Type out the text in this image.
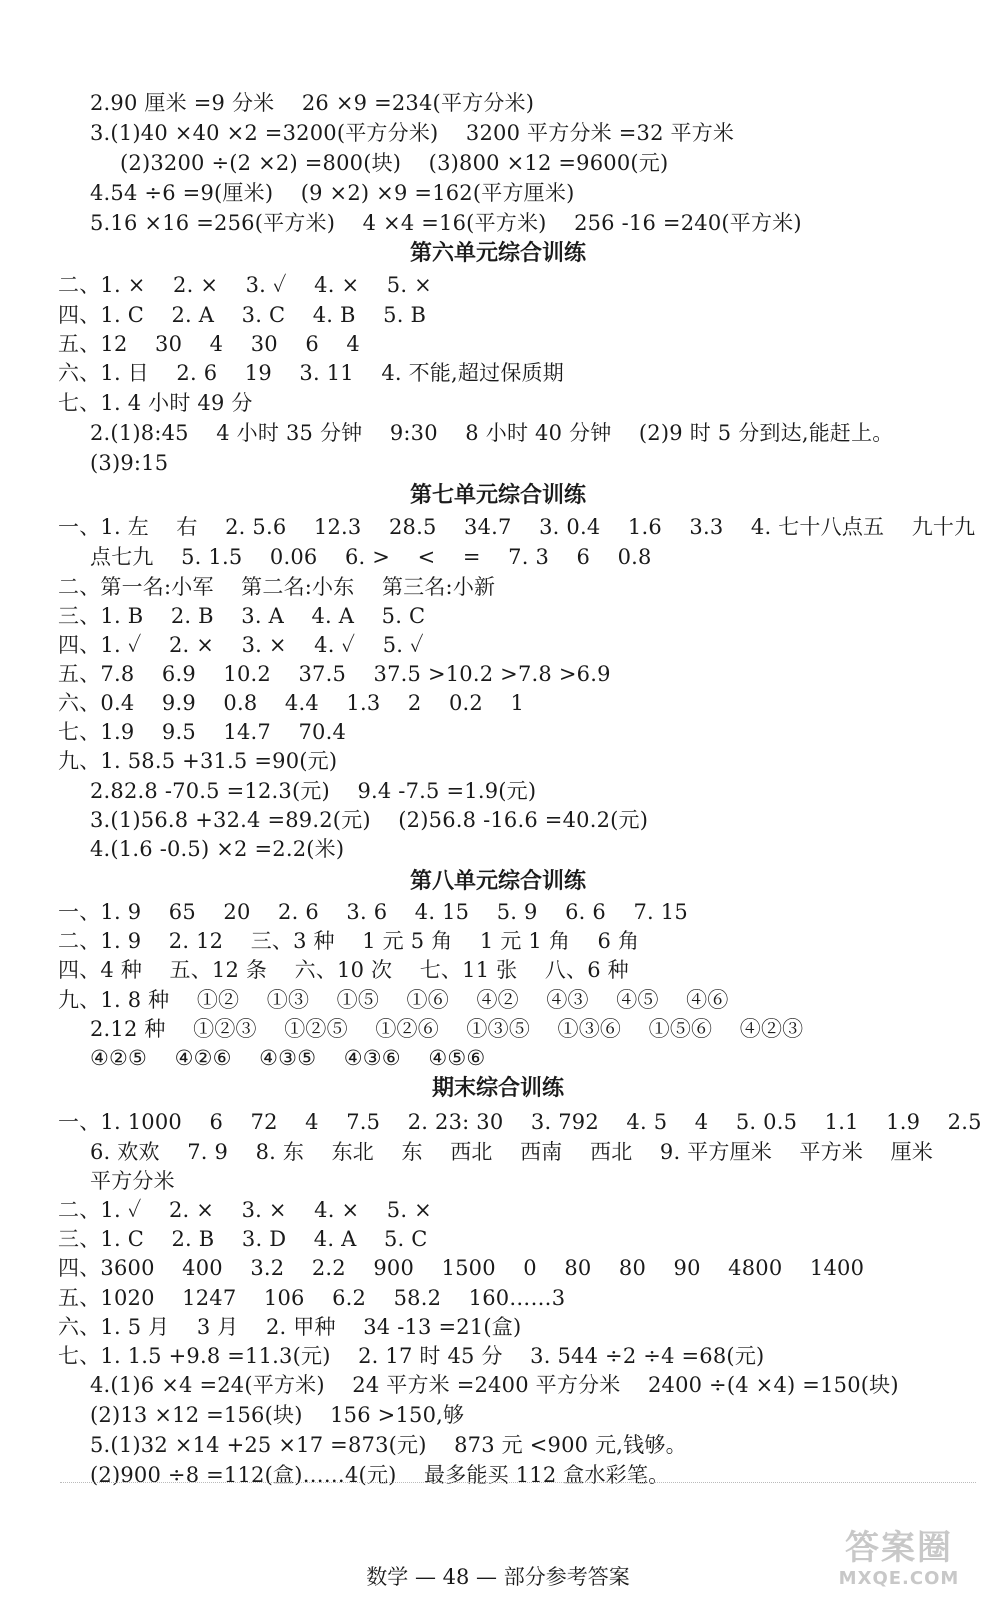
2.90 厘米 =9 分米    26 ×9 =234(平方分米)
3.(1)40 ×40 ×2 =3200(平方分米)    3200 平方分米 =32 平方米
(2)3200 ÷(2 ×2) =800(块)    (3)800 ×12 =9600(元)
4.54 ÷6 =9(厘米)    (9 ×2) ×9 =162(平方厘米)
5.16 ×16 =256(平方米)    4 ×4 =16(平方米)    256 -16 =240(平方米)
第六单元综合训练
二、1. ×    2. ×    3. ✓    4. ×    5. ×
四、1. C    2. A    3. C    4. B    5. B
五、12    30    4    30    6    4
六、1. 日    2. 6    19    3. 11    4. 不能,超过保质期
七、1. 4 小时 49 分
2.(1)8:45    4 小时 35 分钟    9:30    8 小时 40 分钟    (2)9 时 5 分到达,能赶上。
(3)9:15
第七单元综合训练
一、1. 左    右    2. 5.6    12.3    28.5    34.7    3. 0.4    1.6    3.3    4. 七十八点五    九十九
点七九    5. 1.5    0.06    6. >    <    =    7. 3    6    0.8
二、第一名:小军    第二名:小东    第三名:小新
三、1. B    2. B    3. A    4. A    5. C
四、1. ✓    2. ×    3. ×    4. ✓    5. ✓
五、7.8    6.9    10.2    37.5    37.5 >10.2 >7.8 >6.9
六、0.4    9.9    0.8    4.4    1.3    2    0.2    1
七、1.9    9.5    14.7    70.4
九、1. 58.5 +31.5 =90(元)
2.82.8 -70.5 =12.3(元)    9.4 -7.5 =1.9(元)
3.(1)56.8 +32.4 =89.2(元)    (2)56.8 -16.6 =40.2(元)
4.(1.6 -0.5) ×2 =2.2(米)
第八单元综合训练
一、1. 9    65    20    2. 6    3. 6    4. 15    5. 9    6. 6    7. 15
二、1. 9    2. 12    三、3 种    1 元 5 角    1 元 1 角    6 角
四、4 种    五、12 条    六、10 次    七、11 张    八、6 种
九、1. 8 种    ①②    ①③    ①⑤    ①⑥    ④②    ④③    ④⑤    ④⑥
2.12 种    ①②③    ①②⑤    ①②⑥    ①③⑤    ①③⑥    ①⑤⑥    ④②③
④②⑤    ④②⑥    ④③⑤    ④③⑥    ④⑤⑥
期末综合训练
一、1. 1000    6    72    4    7.5    2. 23: 30    3. 792    4. 5    4    5. 0.5    1.1    1.9    2.5
6. 欢欢    7. 9    8. 东    东北    东    西北    西南    西北    9. 平方厘米    平方米    厘米
平方分米
二、1. ✓    2. ×    3. ×    4. ×    5. ×
三、1. C    2. B    3. D    4. A    5. C
四、3600    400    3.2    2.2    900    1500    0    80    80    90    4800    1400
五、1020    1247    106    6.2    58.2    160……3
六、1. 5 月    3 月    2. 甲种    34 -13 =21(盒)
七、1. 1.5 +9.8 =11.3(元)    2. 17 时 45 分    3. 544 ÷2 ÷4 =68(元)
4.(1)6 ×4 =24(平方米)    24 平方米 =2400 平方分米    2400 ÷(4 ×4) =150(块)
(2)13 ×12 =156(块)    156 >150,够
5.(1)32 ×14 +25 ×17 =873(元)    873 元 <900 元,钱够。
(2)900 ÷8 =112(盒)……4(元)    最多能买 112 盒水彩笔。
数学 — 48 — 部分参考答案
答案圈
MXQE.COM
